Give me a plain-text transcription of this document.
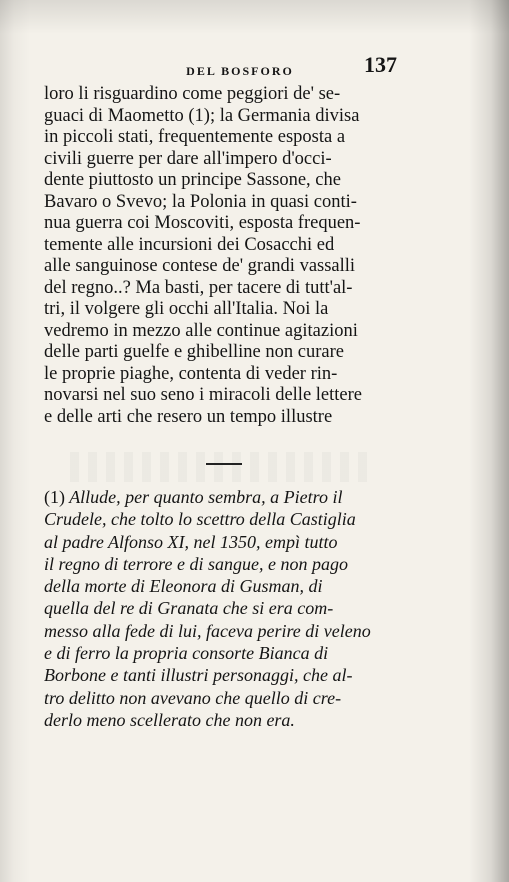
DEL BOSFORO	137
loro li risguardino come peggiori de' se-
guaci di Maometto (1); la Germania divisa
in piccoli stati, frequentemente esposta a
civili guerre per dare all'impero d'occi-
dente piuttosto un principe Sassone, che
Bavaro o Svevo; la Polonia in quasi conti-
nua guerra coi Moscoviti, esposta frequen-
temente alle incursioni dei Cosacchi ed
alle sanguinose contese de' grandi vassalli
del regno..? Ma basti, per tacere di tutt'al-
tri, il volgere gli occhi all'Italia. Noi la
vedremo in mezzo alle continue agitazioni
delle parti guelfe e ghibelline non curare
le proprie piaghe, contenta di veder rin-
novarsi nel suo seno i miracoli delle lettere
e delle arti che resero un tempo illustre
(1) Allude, per quanto sembra, a Pietro il
Crudele, che tolto lo scettro della Castiglia
al padre Alfonso XI, nel 1350, empì tutto
il regno di terrore e di sangue, e non pago
della morte di Eleonora di Gusman, di
quella del re di Granata che si era com-
messo alla fede di lui, faceva perire di veleno
e di ferro la propria consorte Bianca di
Borbone e tanti illustri personaggi, che al-
tro delitto non avevano che quello di cre-
derlo meno scellerato che non era.
